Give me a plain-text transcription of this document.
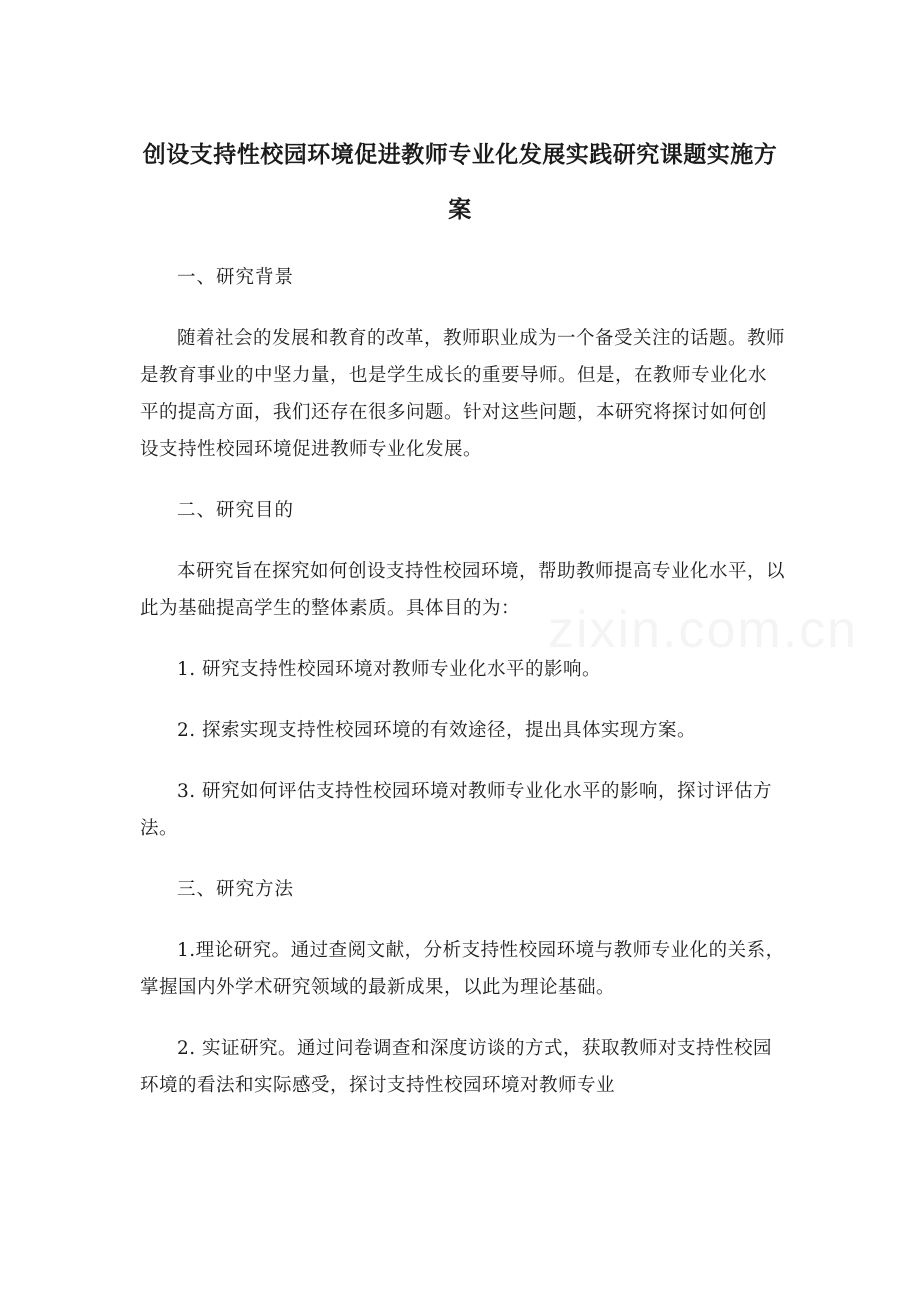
创设支持性校园环境促进教师专业化发展实践研究课题实施方案

一、研究背景

随着社会的发展和教育的改革，教师职业成为一个备受关注的话题。教师是教育事业的中坚力量，也是学生成长的重要导师。但是，在教师专业化水平的提高方面，我们还存在很多问题。针对这些问题，本研究将探讨如何创设支持性校园环境促进教师专业化发展。

二、研究目的

本研究旨在探究如何创设支持性校园环境，帮助教师提高专业化水平，以此为基础提高学生的整体素质。具体目的为：

1. 研究支持性校园环境对教师专业化水平的影响。

2. 探索实现支持性校园环境的有效途径，提出具体实现方案。

3. 研究如何评估支持性校园环境对教师专业化水平的影响，探讨评估方法。

三、研究方法

1.理论研究。通过查阅文献，分析支持性校园环境与教师专业化的关系，掌握国内外学术研究领域的最新成果，以此为理论基础。

2. 实证研究。通过问卷调查和深度访谈的方式，获取教师对支持性校园环境的看法和实际感受，探讨支持性校园环境对教师专业
